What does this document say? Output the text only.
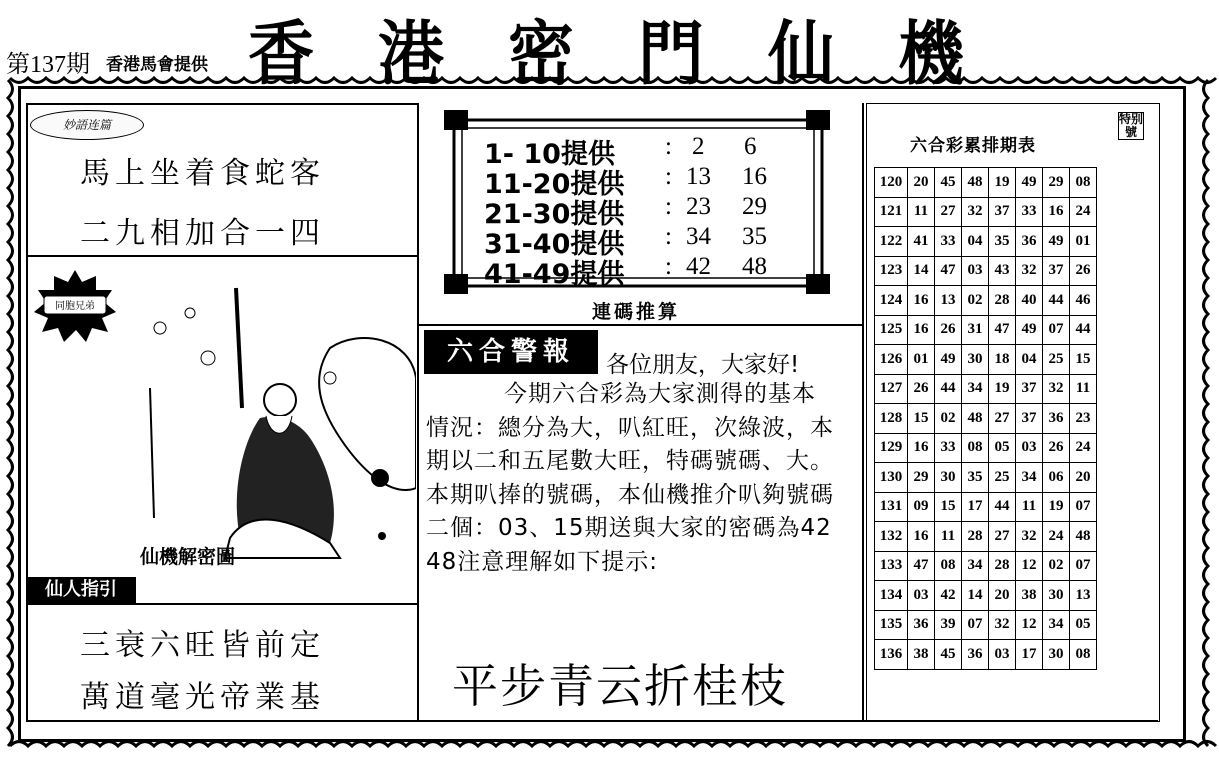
第137期 香港馬會提供 香港密門仙機
妙語连篇
馬上坐着食蛇客
二九相加合一四
同胞兄弟
仙機解密圖
仙人指引
三衰六旺皆前定
萬道毫光帝業基
1- 10提供 : 2 6
11-20提供 : 13 16
21-30提供 : 23 29
31-40提供 : 34 35
41-49提供 : 42 48
連碼推算
六合警報	各位朋友，大家好!
今期六合彩為大家測得的基本情況：總分為大，叭紅旺，次綠波，本期以二和五尾數大旺，特碼號碼、大。本期叭捧的號碼，本仙機推介叭夠號碼二個：03、15期送與大家的密碼為42 48注意理解如下提示:
平步青云折桂枝
六合彩累排期表
特别號
120	20	45	48	19	49	29	08
121	11	27	32	37	33	16	24
122	41	33	04	35	36	49	01
123	14	47	03	43	32	37	26
124	16	13	02	28	40	44	46
125	16	26	31	47	49	07	44
126	01	49	30	18	04	25	15
127	26	44	34	19	37	32	11
128	15	02	48	27	37	36	23
129	16	33	08	05	03	26	24
130	29	30	35	25	34	06	20
131	09	15	17	44	11	19	07
132	16	11	28	27	32	24	48
133	47	08	34	28	12	02	07
134	03	42	14	20	38	30	13
135	36	39	07	32	12	34	05
136	38	45	36	03	17	30	08
